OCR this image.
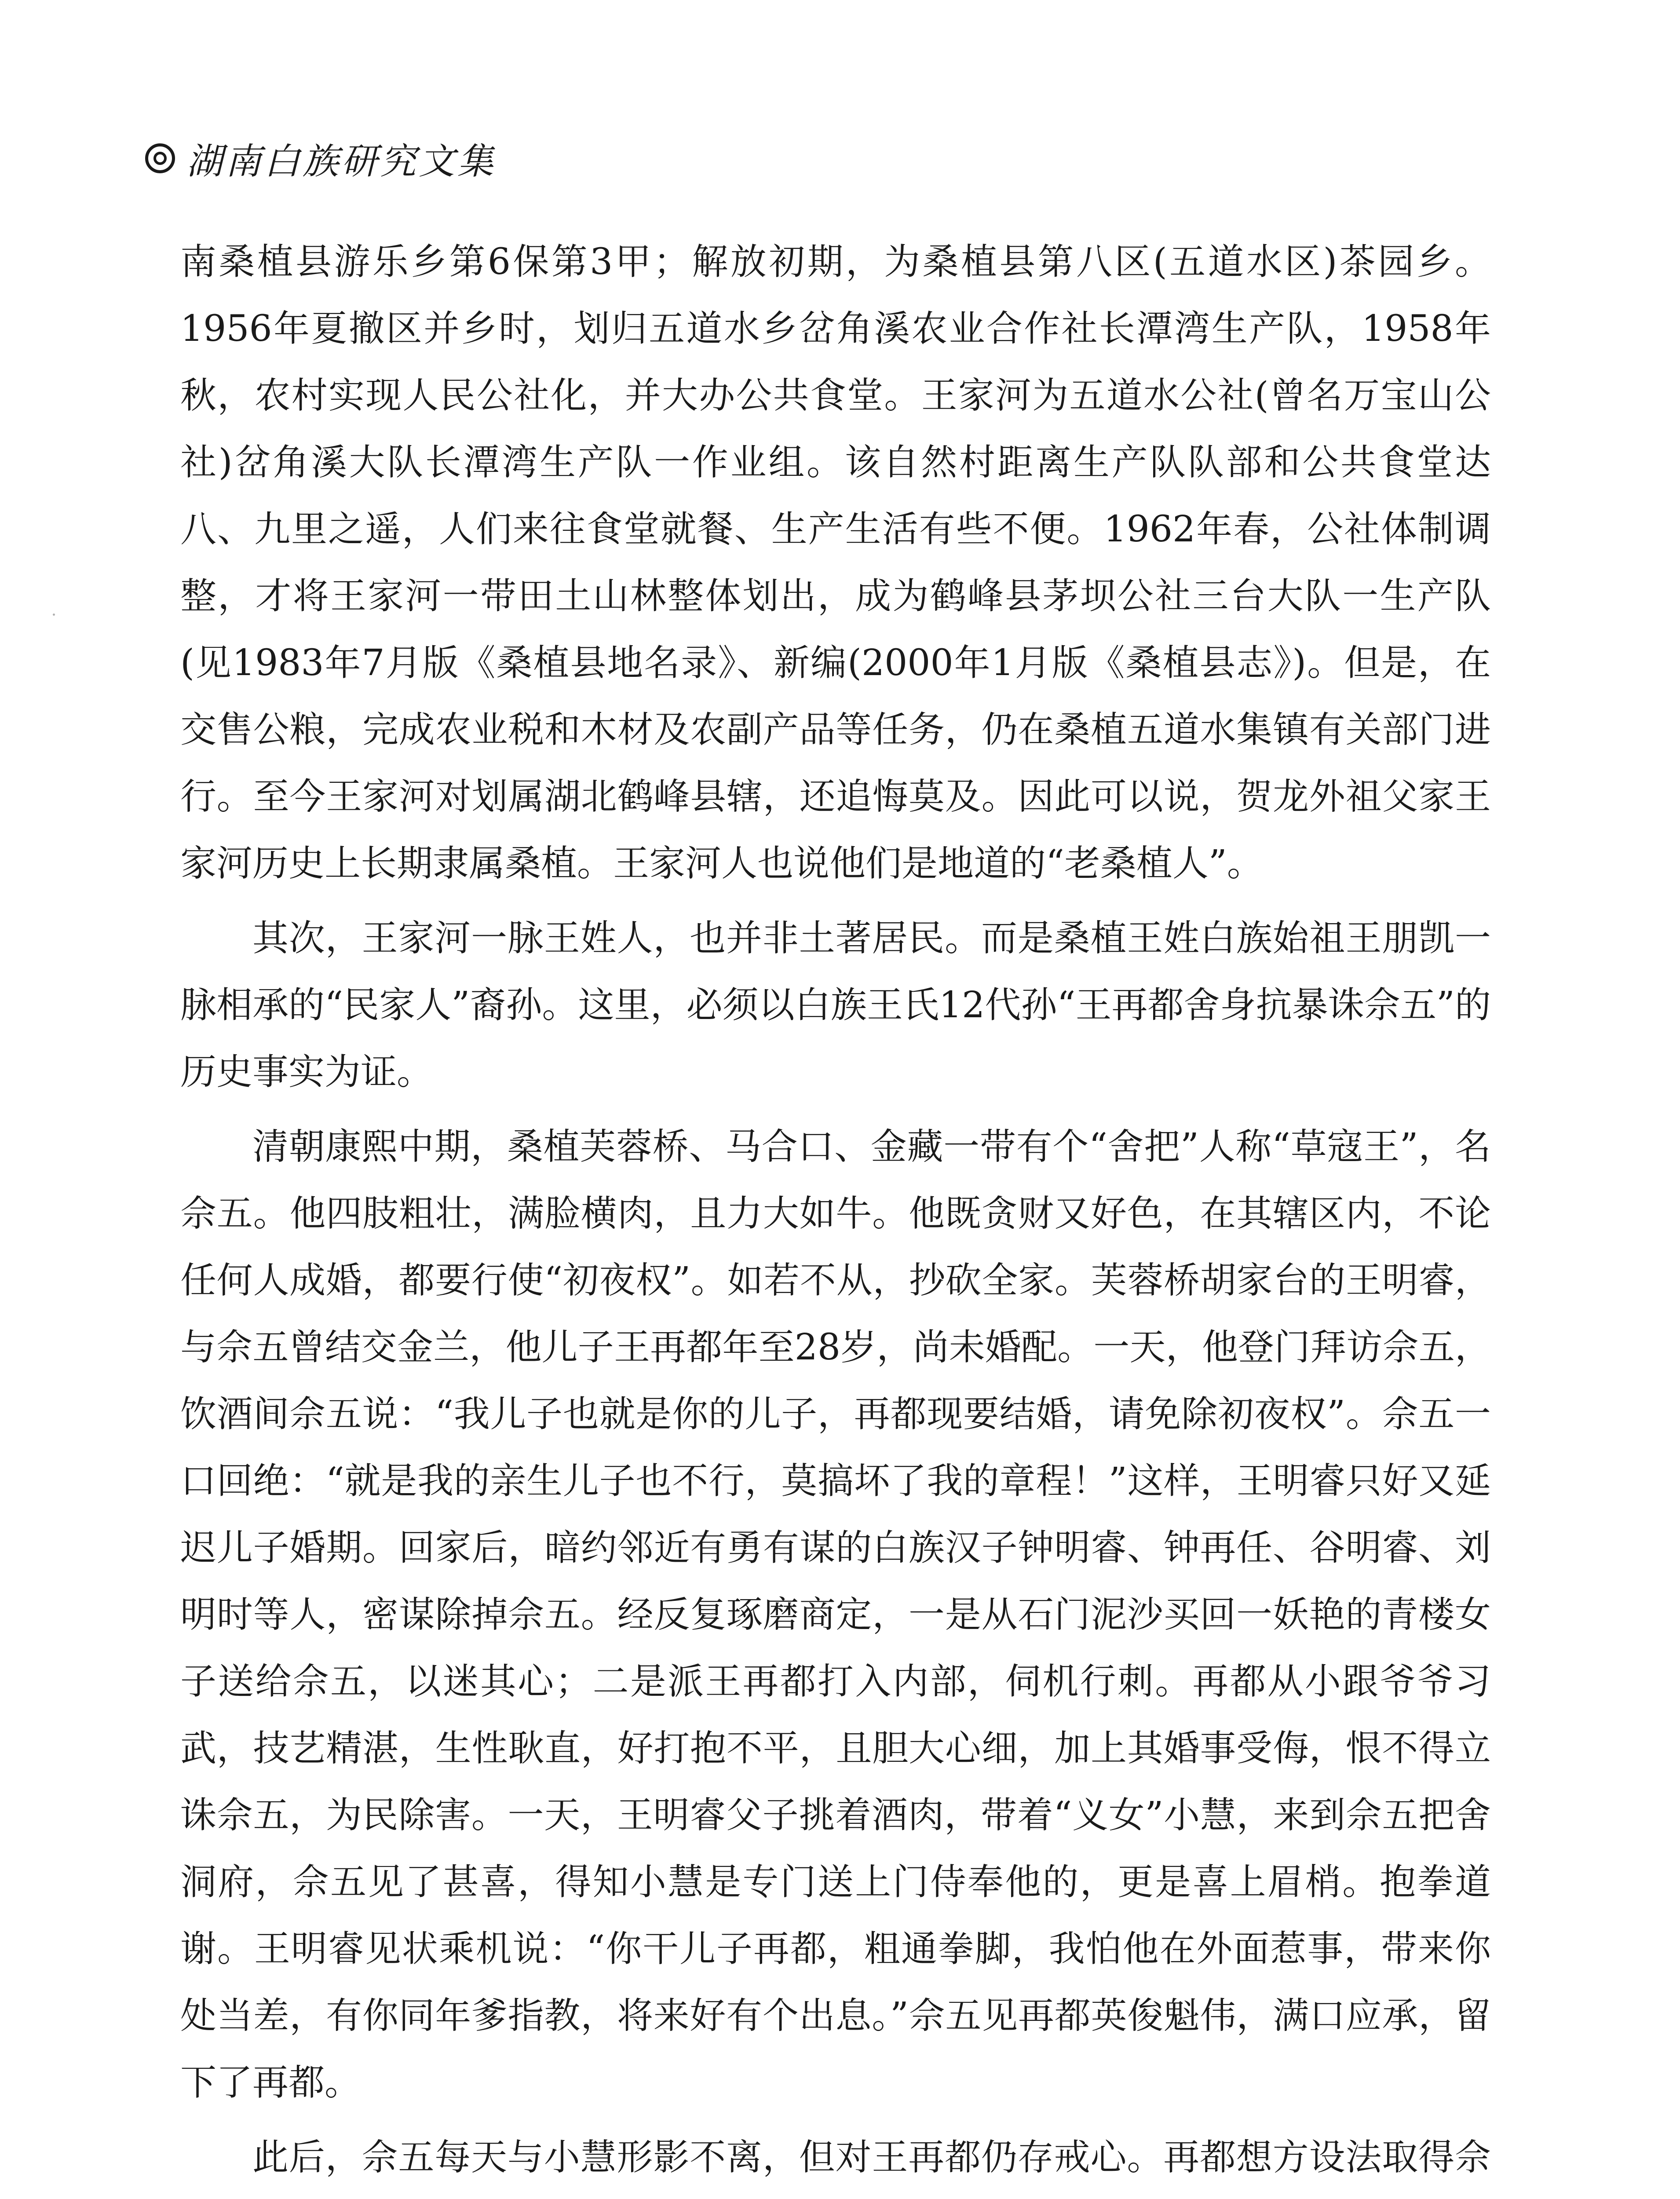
湖南白族研究文集

南桑植县游乐乡第6保第3甲；解放初期，为桑植县第八区(五道水区)茶园乡。1956年夏撤区并乡时，划归五道水乡岔角溪农业合作社长潭湾生产队，1958年秋，农村实现人民公社化，并大办公共食堂。王家河为五道水公社(曾名万宝山公社)岔角溪大队长潭湾生产队一作业组。该自然村距离生产队队部和公共食堂达八、九里之遥，人们来往食堂就餐、生产生活有些不便。1962年春，公社体制调整，才将王家河一带田土山林整体划出，成为鹤峰县茅坝公社三台大队一生产队(见1983年7月版《桑植县地名录》、新编(2000年1月版《桑植县志》)。但是，在交售公粮，完成农业税和木材及农副产品等任务，仍在桑植五道水集镇有关部门进行。至今王家河对划属湖北鹤峰县辖，还追悔莫及。因此可以说，贺龙外祖父家王家河历史上长期隶属桑植。王家河人也说他们是地道的“老桑植人”。

其次，王家河一脉王姓人，也并非土著居民。而是桑植王姓白族始祖王朋凯一脉相承的“民家人”裔孙。这里，必须以白族王氏12代孙“王再都舍身抗暴诛佘五”的历史事实为证。

清朝康熙中期，桑植芙蓉桥、马合口、金藏一带有个“舍把”人称“草寇王”，名佘五。他四肢粗壮，满脸横肉，且力大如牛。他既贪财又好色，在其辖区内，不论任何人成婚，都要行使“初夜权”。如若不从，抄砍全家。芙蓉桥胡家台的王明睿，与佘五曾结交金兰，他儿子王再都年至28岁，尚未婚配。一天，他登门拜访佘五，饮酒间佘五说：“我儿子也就是你的儿子，再都现要结婚，请免除初夜权”。佘五一口回绝：“就是我的亲生儿子也不行，莫搞坏了我的章程！”这样，王明睿只好又延迟儿子婚期。回家后，暗约邻近有勇有谋的白族汉子钟明睿、钟再任、谷明睿、刘明时等人，密谋除掉佘五。经反复琢磨商定，一是从石门泥沙买回一妖艳的青楼女子送给佘五，以迷其心；二是派王再都打入内部，伺机行刺。再都从小跟爷爷习武，技艺精湛，生性耿直，好打抱不平，且胆大心细，加上其婚事受侮，恨不得立诛佘五，为民除害。一天，王明睿父子挑着酒肉，带着“义女”小慧，来到佘五把舍洞府，佘五见了甚喜，得知小慧是专门送上门侍奉他的，更是喜上眉梢。抱拳道谢。王明睿见状乘机说：“你干儿子再都，粗通拳脚，我怕他在外面惹事，带来你处当差，有你同年爹指教，将来好有个出息。”佘五见再都英俊魁伟，满口应承，留下了再都。

此后，佘五每天与小慧形影不离，但对王再都仍存戒心。再都想方设法取得佘
